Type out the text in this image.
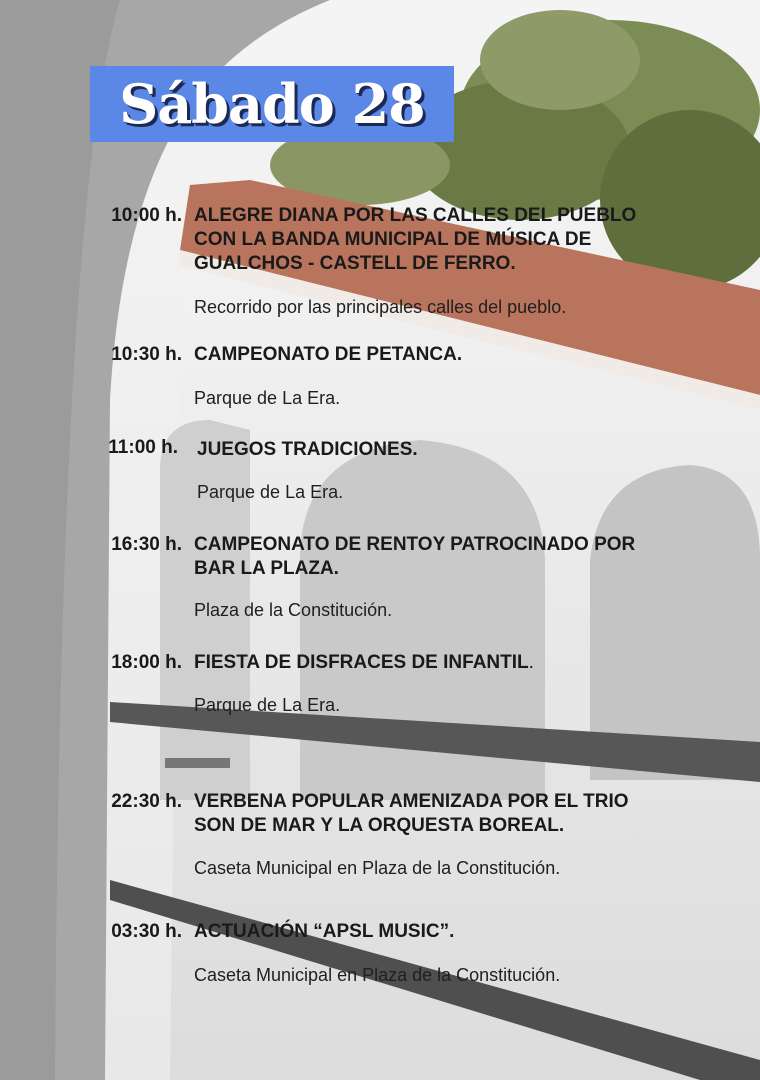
Sábado 28
10:00 h. ALEGRE DIANA POR LAS CALLES DEL PUEBLO
CON LA BANDA MUNICIPAL DE MÚSICA DE
GUALCHOS - CASTELL DE FERRO.
Recorrido por las principales calles del pueblo.
10:30 h. CAMPEONATO DE PETANCA.
Parque de La Era.
11:00 h. JUEGOS TRADICIONES.
Parque de La Era.
16:30 h. CAMPEONATO DE RENTOY PATROCINADO POR
BAR LA PLAZA.
Plaza de la Constitución.
18:00 h. FIESTA DE DISFRACES DE INFANTIL.
Parque de La Era.
22:30 h. VERBENA POPULAR AMENIZADA POR EL TRIO
SON DE MAR Y LA ORQUESTA BOREAL.
Caseta Municipal en Plaza de la Constitución.
03:30 h. ACTUACIÓN “APSL MUSIC”.
Caseta Municipal en Plaza de la Constitución.
